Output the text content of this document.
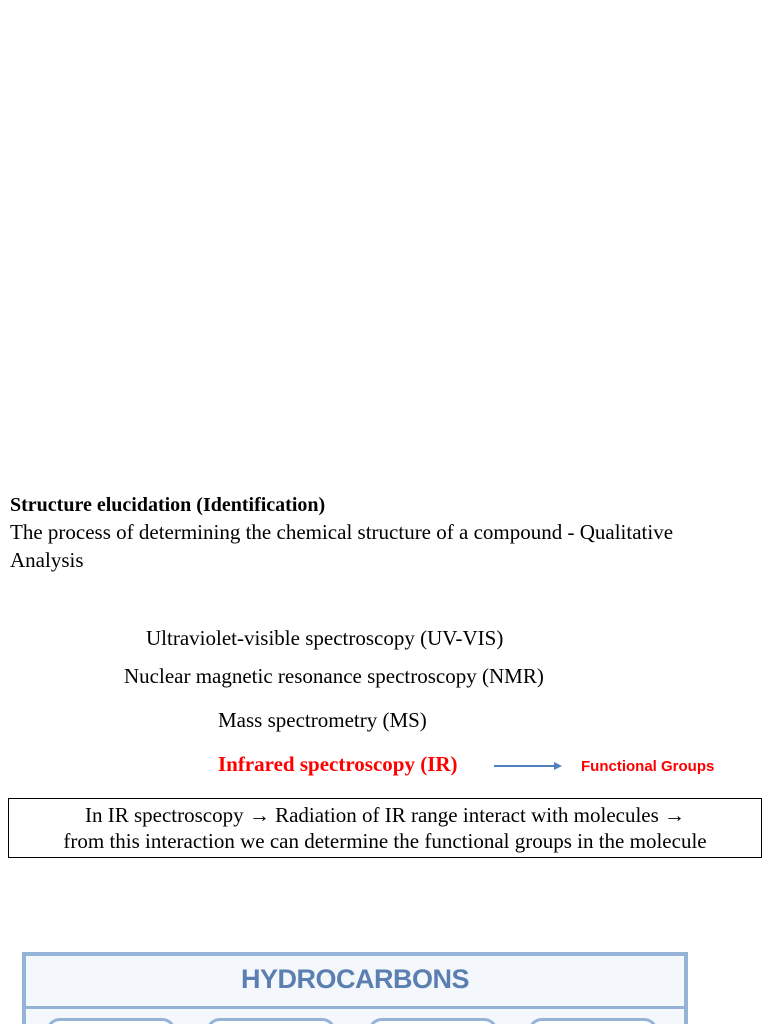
Structure elucidation (Identification)
The process of determining the chemical structure of a compound - Qualitative
Analysis
Ultraviolet-visible spectroscopy (UV-VIS)
Nuclear magnetic resonance spectroscopy (NMR)
Mass spectrometry (MS)
Infrared spectroscopy (IR)	Functional Groups
In IR spectroscopy → Radiation of IR range interact with molecules →
from this interaction we can determine the functional groups in the molecule
HYDROCARBONS
